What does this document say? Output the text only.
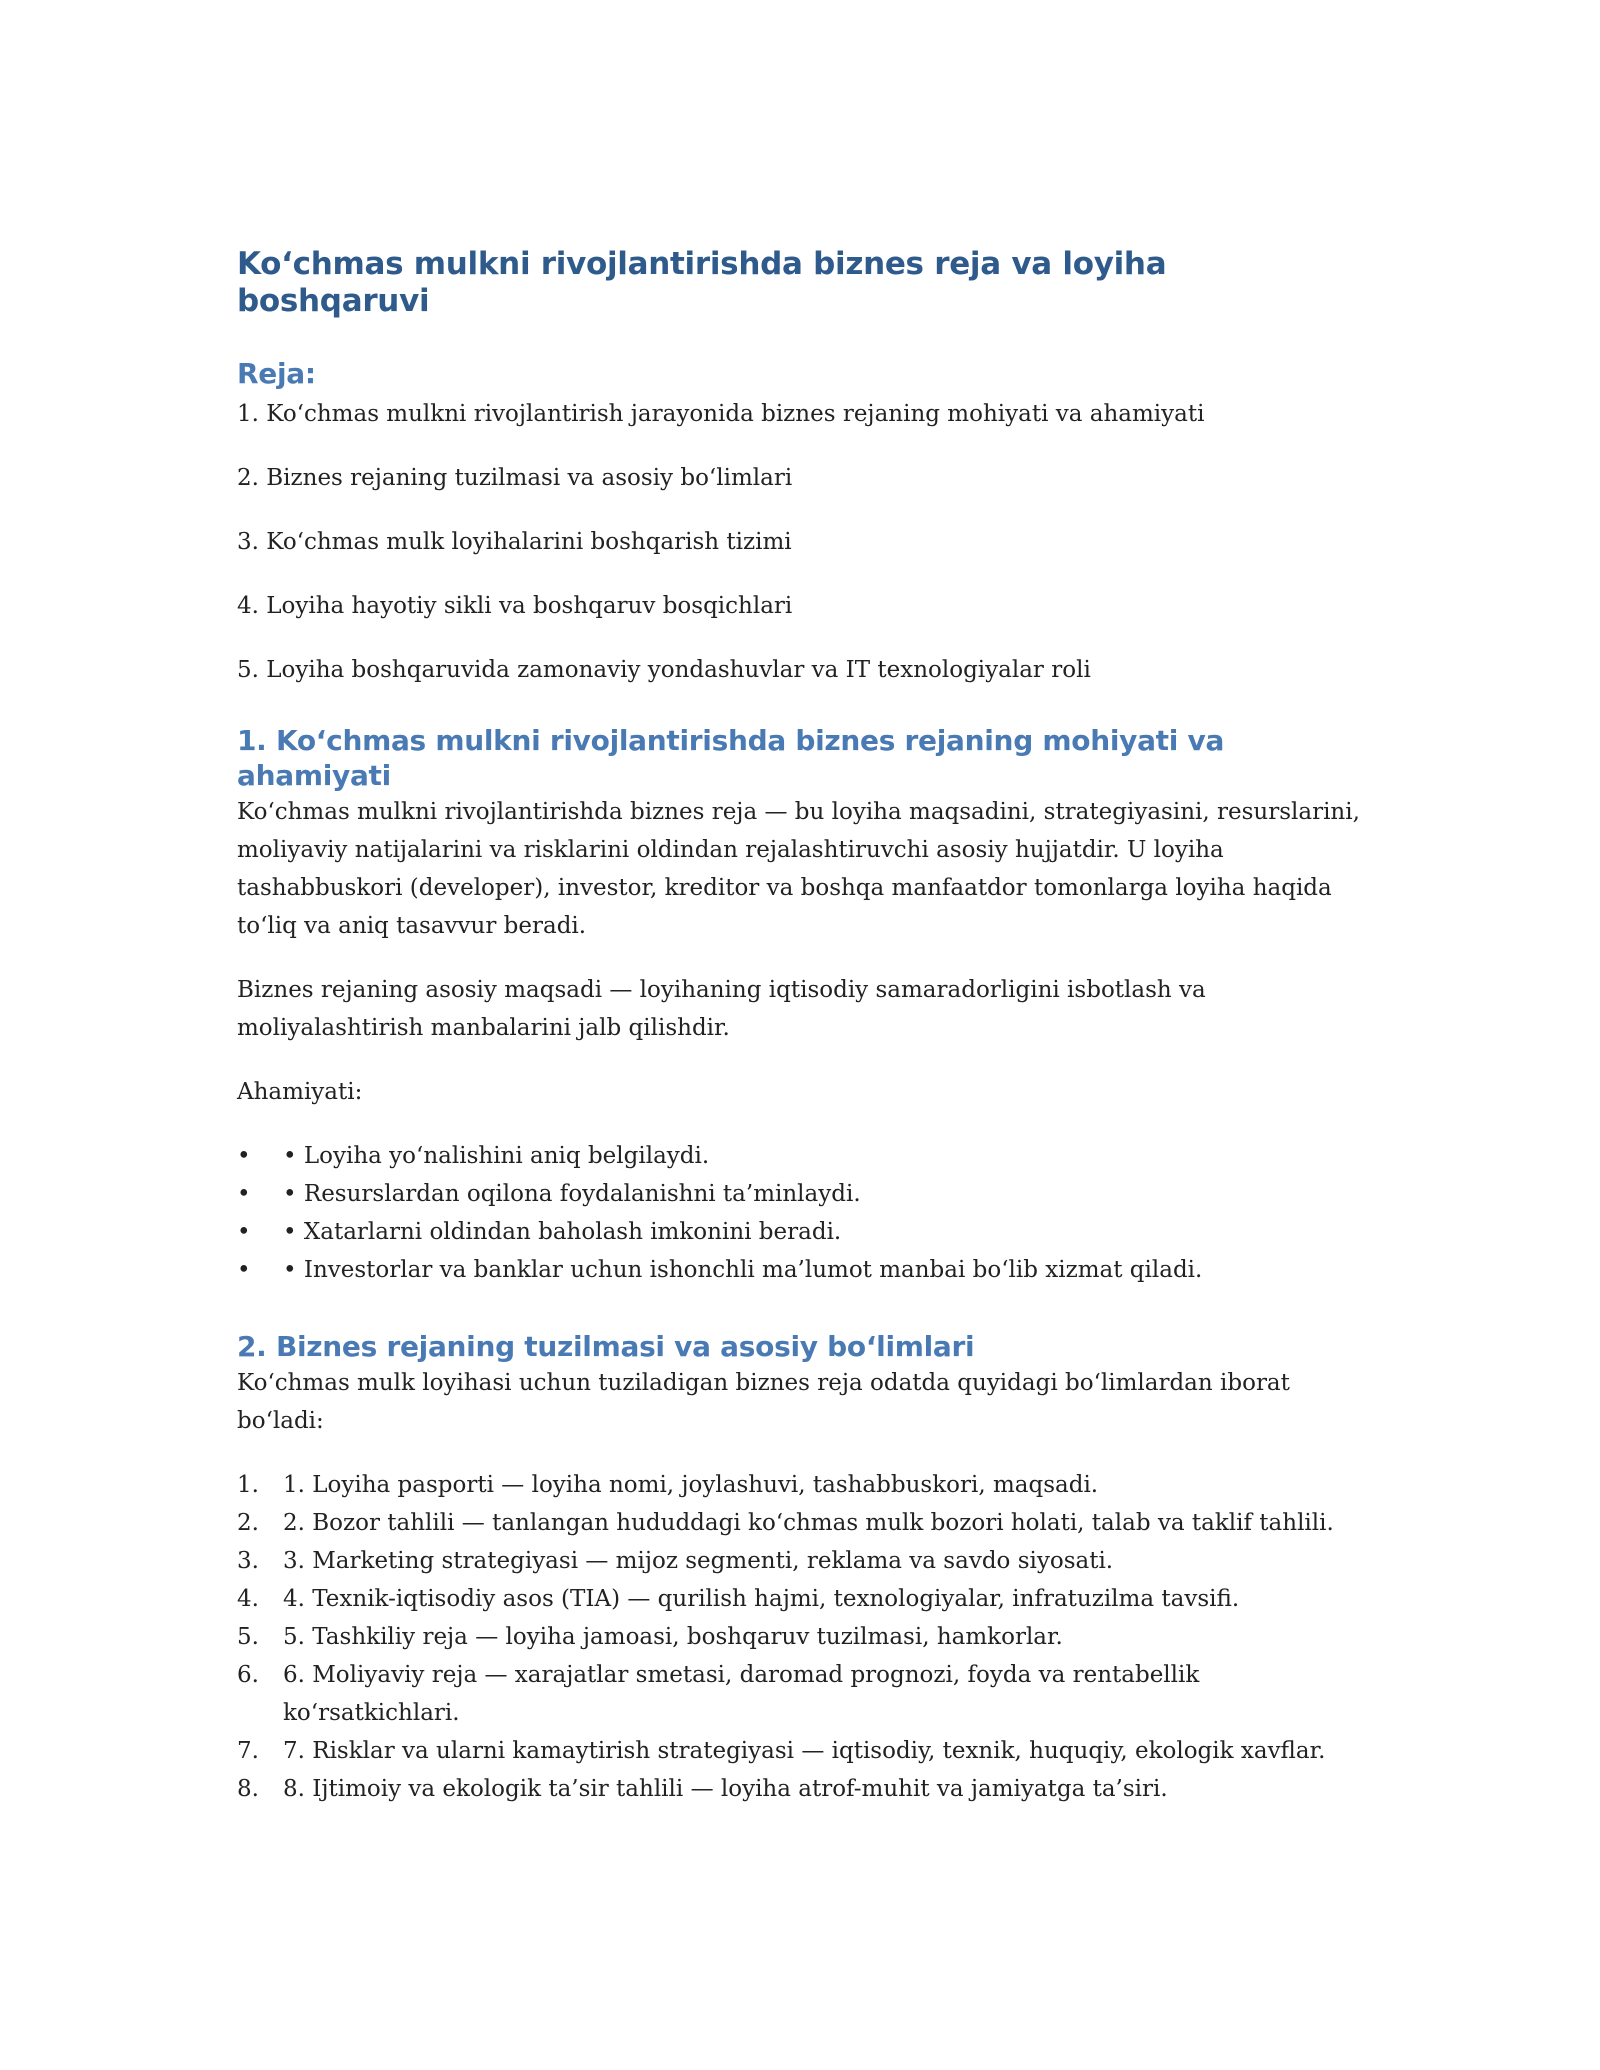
Ko‘chmas mulkni rivojlantirishda biznes reja va loyiha boshqaruvi
Reja:

1. Ko‘chmas mulkni rivojlantirish jarayonida biznes rejaning mohiyati va ahamiyati

2. Biznes rejaning tuzilmasi va asosiy bo‘limlari

3. Ko‘chmas mulk loyihalarini boshqarish tizimi

4. Loyiha hayotiy sikli va boshqaruv bosqichlari

5. Loyiha boshqaruvida zamonaviy yondashuvlar va IT texnologiyalar roli

1. Ko‘chmas mulkni rivojlantirishda biznes rejaning mohiyati va ahamiyati

Ko‘chmas mulkni rivojlantirishda biznes reja — bu loyiha maqsadini, strategiyasini, resurslarini, moliyaviy natijalarini va risklarini oldindan rejalashtiruvchi asosiy hujjatdir. U loyiha tashabbuskori (developer), investor, kreditor va boshqa manfaatdor tomonlarga loyiha haqida to‘liq va aniq tasavvur beradi.

Biznes rejaning asosiy maqsadi — loyihaning iqtisodiy samaradorligini isbotlash va moliyalashtirish manbalarini jalb qilishdir.

Ahamiyati:

•	• Loyiha yo‘nalishini aniq belgilaydi.
•	• Resurslardan oqilona foydalanishni ta’minlaydi.
•	• Xatarlarni oldindan baholash imkonini beradi.
•	• Investorlar va banklar uchun ishonchli ma’lumot manbai bo‘lib xizmat qiladi.
2. Biznes rejaning tuzilmasi va asosiy bo‘limlari

Ko‘chmas mulk loyihasi uchun tuziladigan biznes reja odatda quyidagi bo‘limlardan iborat bo‘ladi:

1.	1. Loyiha pasporti — loyiha nomi, joylashuvi, tashabbuskori, maqsadi.
2.	2. Bozor tahlili — tanlangan hududdagi ko‘chmas mulk bozori holati, talab va taklif tahlili.
3.	3. Marketing strategiyasi — mijoz segmenti, reklama va savdo siyosati.
4.	4. Texnik-iqtisodiy asos (TIA) — qurilish hajmi, texnologiyalar, infratuzilma tavsifi.
5.	5. Tashkiliy reja — loyiha jamoasi, boshqaruv tuzilmasi, hamkorlar.
6.	6. Moliyaviy reja — xarajatlar smetasi, daromad prognozi, foyda va rentabellik ko‘rsatkichlari.
7.	7. Risklar va ularni kamaytirish strategiyasi — iqtisodiy, texnik, huquqiy, ekologik xavflar.
8.	8. Ijtimoiy va ekologik ta’sir tahlili — loyiha atrof-muhit va jamiyatga ta’siri.
